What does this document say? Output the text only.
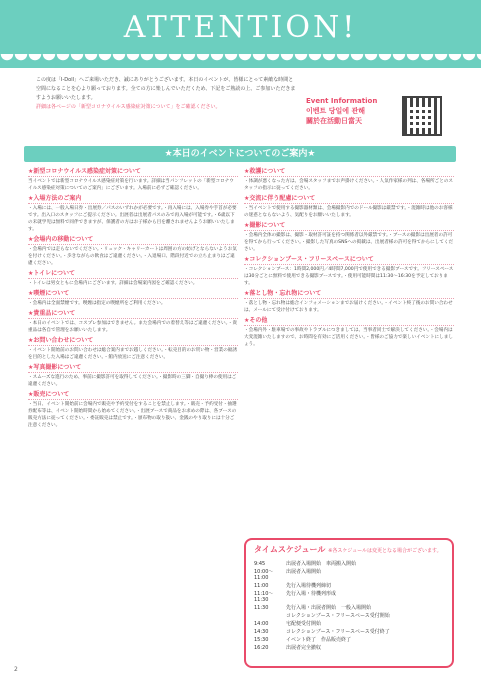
ATTENTION!

この度は「I-Doll」へご来場いただき、誠にありがとうございます。本日のイベントが、皆様にとって素敵な時間と空間になることを心より願っております。全ての方に楽しんでいただくため、下記をご熟読の上、ご参加いただきますようお願いいたします。

詳細は各ページの「新型コロナウイルス感染症対策について」をご確認ください。

Event Information
이벤트 당일에 관해
關於在活動日當天
★本日のイベントについてのご案内★
★新型コロナウイルス感染症対策について

当イベントでは新型コロナウイルス感染症対策を行います。詳細は当パンフレットの「新型コロナウイルス感染症対策についてのご案内」にございます。入場前に必ずご確認ください。

★入場方法のご案内

・入場には、一般入場日券・出展券／パスのいずれかが必要です。・再入場には、入場券や手首が必要です。出入口のスタッフにご提示ください。出展者は出展者パスのみで再入場が可能です。・6歳以下の未就学児は無料で同伴できますが、保護者の方はお子様から目を離されませんようお願いいたします。

★会場内の移動について

・会場内では走らないでください。・リュック・キャリーカートは周囲の方の妨げとならないようお気を付けください。・歩きながらの飲食はご遠慮ください。・入退場口、階段付近での立ち止まりはご遠慮ください。

★トイレについて

・トイレは男女ともに会場内にございます。詳細は会場案内図をご確認ください。

★喫煙について

・会場内は全面禁煙です。喫煙は指定の喫煙所をご利用ください。

★貴重品について

・本日のイベントでは、コスプレ参加はできません。また会場内での着替え等はご遠慮ください。・貴重品は各自で管理をお願いいたします。

★お問い合わせについて

・イベント開始前のお問い合わせは総合案内までお越しください。・転売目的のお買い物・営業の勧誘を目的とした入場はご遠慮ください。・館内放送にご注意ください。

★写真撮影について

・スムーズな進行のため、事前に撮影許可を取得してください。・撮影時の三脚・自撮り棒の使用はご遠慮ください。

★販売について

・当日、イベント開始前に会場内で販売や予約受付をすることを禁止します。・販売・予約受付・抽選券配布等は、イベント開始時間から始めてください。・出展ブースで商品をお求めの際は、各ブースの販売方法に従ってください。・委託販売は禁止です。・頒布物の取り扱い、金銭のやり取りには十分ご注意ください。

★救護について

・体調が悪くなった方は、会場スタッフまでお声掛けください。・人気作家様の列は、各場所ごとのスタッフの指示に従ってください。

★交流に伴う配慮について

・当イベントで使用する撮影器材類は、会場撮影内でのドール撮影は厳禁です。・混雑時は他のお客様の迷惑とならないよう、気配りをお願いいたします。

★撮影について

・会場内全体の撮影は、撮影・取材許可証を持つ関係者以外厳禁です。・ブースの撮影は出展者の許可を得てから行ってください。・撮影した写真のSNSへの掲載は、出展者様の許可を得てからにしてください。

★コレクションブース・フリースペースについて

・コレクションブース：1時間2,000円／4時間7,000円で使用できる撮影ブースです。フリースペースは30分ごとに無料で使用できる撮影ブースです。・使用可能時間は11:30〜16:30を予定しております。

★落とし物・忘れ物について

・落とし物・忘れ物は総合インフォメーションまでお届けください。・イベント終了後のお問い合わせは、メールにて受け付けております。

★その他

・会場内外・駐車場での事故やトラブルにつきましては、当事者同士で解決してください。・会場内は大変混雑いたしますので、お時間を有効にご活用ください。・皆様のご協力で楽しいイベントにしましょう。

タイムスケジュール ※各スケジュールは変更となる場合がございます。
9:45	出展者入場開始　車両搬入開始
10:00〜11:00	出展者入場開始
11:00	先行入場待機列締切
11:10〜11:30	先行入場・待機列形成
11:30	先行入場・出展者開始　一般入場開始
	コレクションブース・フリースペース受付開始
14:00	宅配便受付開始
14:30	コレクションブース・フリースペース受付終了
15:30	イベント終了　作品販売終了
16:20	出展者完全撤収
2
